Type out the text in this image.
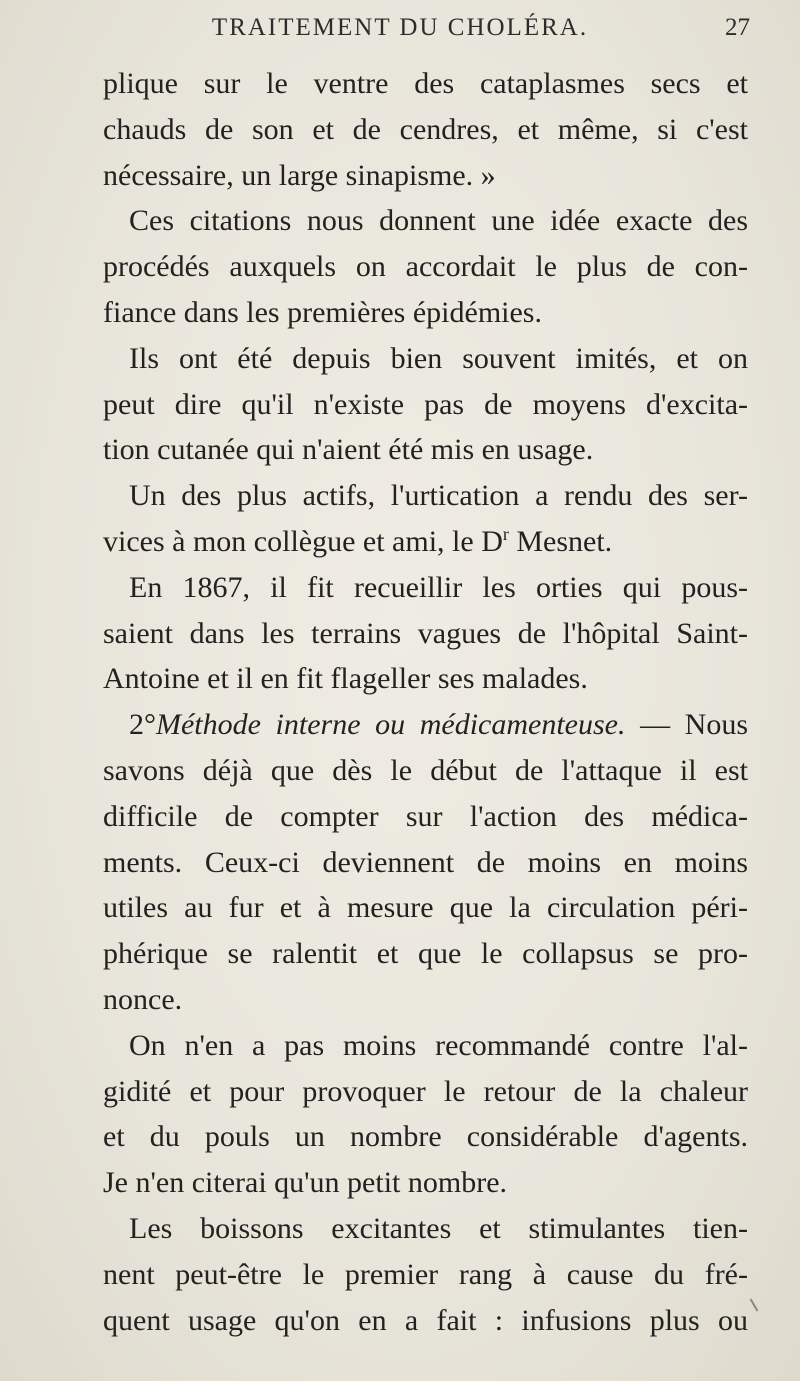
TRAITEMENT DU CHOLÉRA.	27
plique sur le ventre des cataplasmes secs et
chauds de son et de cendres, et même, si c'est
nécessaire, un large sinapisme. »
Ces citations nous donnent une idée exacte des
procédés auxquels on accordait le plus de con-
fiance dans les premières épidémies.
Ils ont été depuis bien souvent imités, et on
peut dire qu'il n'existe pas de moyens d'excita-
tion cutanée qui n'aient été mis en usage.
Un des plus actifs, l'urtication a rendu des ser-
vices à mon collègue et ami, le $D^r$ Mesnet.
En 1867, il fit recueillir les orties qui pous-
saient dans les terrains vagues de l'hôpital Saint-
Antoine et il en fit flageller ses malades.
2°Méthode interne ou médicamenteuse. — Nous
savons déjà que dès le début de l'attaque il est
difficile de compter sur l'action des médica-
ments. Ceux-ci deviennent de moins en moins
utiles au fur et à mesure que la circulation péri-
phérique se ralentit et que le collapsus se pro-
nonce.
On n'en a pas moins recommandé contre l'al-
gidité et pour provoquer le retour de la chaleur
et du pouls un nombre considérable d'agents.
Je n'en citerai qu'un petit nombre.
Les boissons excitantes et stimulantes tien-
nent peut-être le premier rang à cause du fré-
quent usage qu'on en a fait : infusions plus ou
